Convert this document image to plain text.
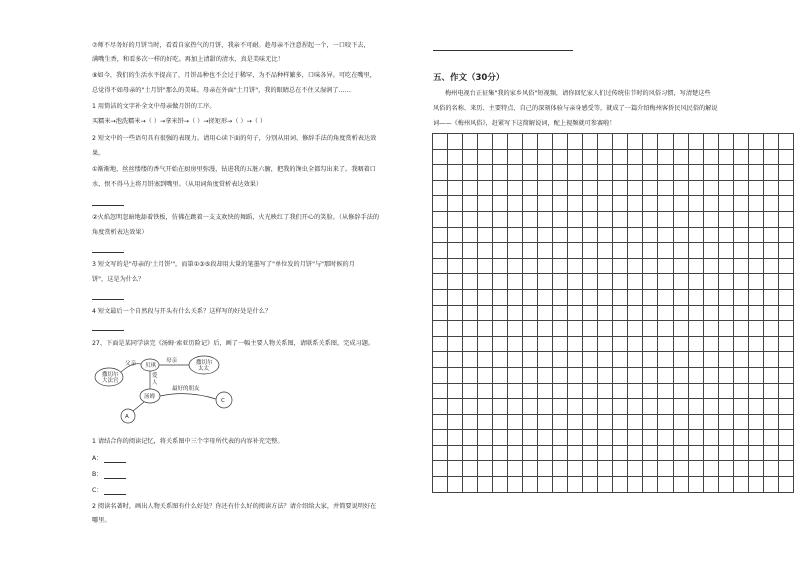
⑦师不尽务好的月饼当时，看看自家热气的月饼，我亲不可耐。趁母亲不注意捏起一个，一口咬下去，
满嘴生香，和看多次一样的好吃。再加上清甜的清水，真是美味无比！
⑧如今，我们的生活水平提高了，月饼品种也不会过于稀罕，为不品种样繁多，口味各异。可吃在嘴里，
总觉得不如母亲的"土月饼"那么的美味。母亲在外面"土月饼"，我的眼睛总在不住又湿润了……
1 用简洁的文字补全文中母亲做月饼的工序。
买糯米→泡洗糯米→（ ）→拿米饼→（ ）→搓矩形→（ ）→（ ）
2 短文中的一些语句具有很强的表现力。请用心读下面的句子，分别从用词、修辞手法的角度赏析表达效
果。
①渐渐地，丝丝缕缕的香气开始在厨房里弥漫，钻进我的五脏六腑，把我的馋虫全都勾出来了。我咽着口
水，恨不得马上将月饼塞到嘴里。（从用词角度赏析表达效果）
②火焰忽明忽暗地舔着铁板，仿佛在跳着一支支欢快的舞蹈，火光映红了我们开心的笑脸。（从修辞手法的
角度赏析表达效果）
3 短文写的是"母亲的'土月饼'"，而第①③⑤段却用大量的笔墨写了"单位发的月饼"与"那时候的月
饼"，这是为什么？
4 短文最后一个自然段与开头有什么关系？这样写的好处是什么？
27、下面是某同学读完《汤姆·索亚历险记》后，画了一幅主要人物关系图，请联系关系图，完成习题。
撒切尔
大法官
贝琪	撒切尔
太太
汤姆
A
C
父亲	母亲
最好的朋友
爱
人
1 请结合你的阅读记忆，将关系图中三个字母所代表的内容补充完整。
A：
B：
C：
2 阅读名著时，画出人物关系图有什么好处？你还有什么好的阅读方法？请介绍给大家，并简要说明好在
哪里。
五、作文（30分）
梅州电视台正征集"我的家乡风俗"短视频，请你回忆家人们过传统佳节时的风俗习惯，写清楚这些
风俗的名称、来历、主要特点、自己的深刻体验与亲身感受等，就成了一篇介绍梅州客侨民风民俗的解说
词——《梅州风俗》，赶紧写下这简解说词，配上视频就可参赛啦！
